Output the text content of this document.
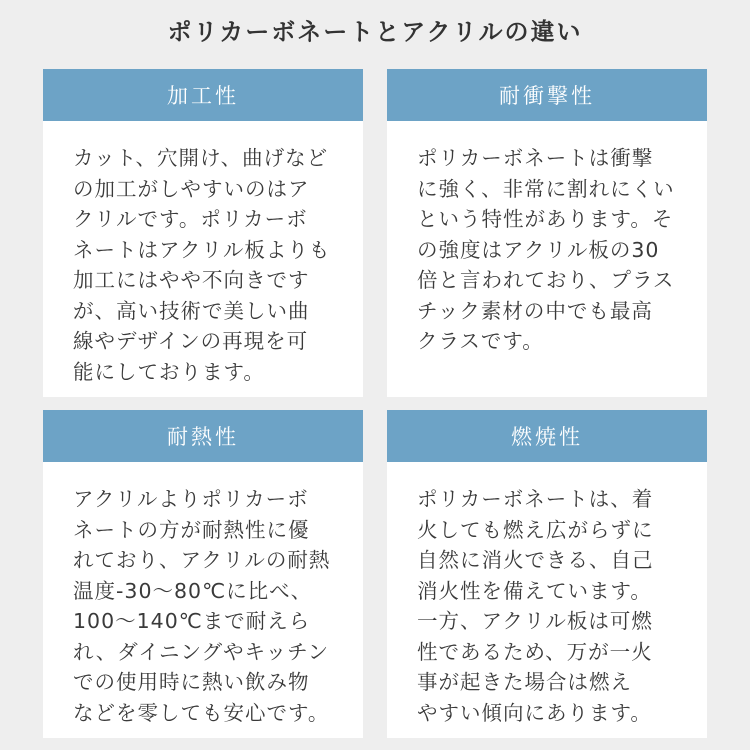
ポリカーボネートとアクリルの違い
加工性

カット、穴開け、曲げなど

の加工がしやすいのはア

クリルです。ポリカーボ

ネートはアクリル板よりも

加工にはやや不向きです

が、高い技術で美しい曲

線やデザインの再現を可

能にしております。

耐衝撃性

ポリカーボネートは衝撃

に強く、非常に割れにくい

という特性があります。そ

の強度はアクリル板の30

倍と言われており、プラス

チック素材の中でも最高

クラスです。

耐熱性

アクリルよりポリカーボ

ネートの方が耐熱性に優

れており、アクリルの耐熱

温度-30～80℃に比べ、

100～140℃まで耐えら

れ、ダイニングやキッチン

での使用時に熱い飲み物

などを零しても安心です。

燃焼性

ポリカーボネートは、着

火しても燃え広がらずに

自然に消火できる、自己

消火性を備えています。

一方、アクリル板は可燃

性であるため、万が一火

事が起きた場合は燃え

やすい傾向にあります。
